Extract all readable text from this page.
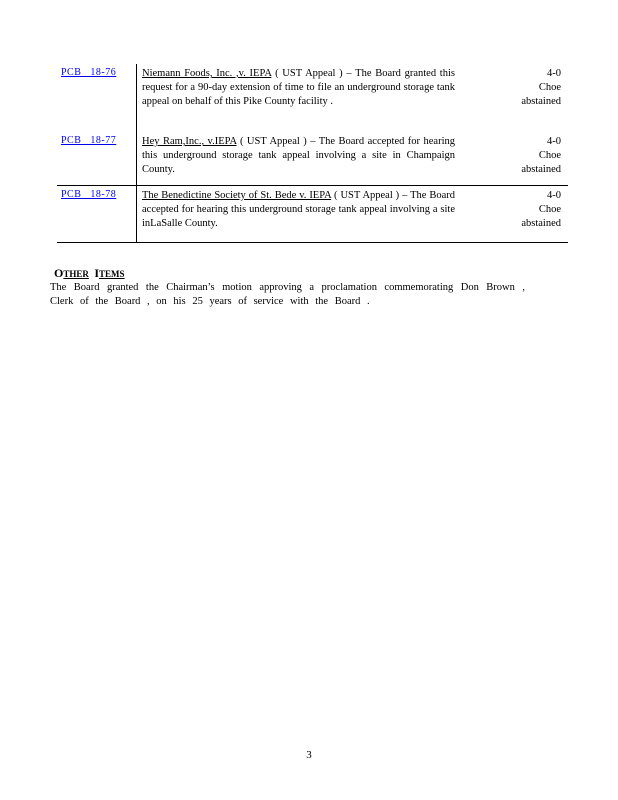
PCB 18-76	Niemann Foods, Inc. ,v. IEPA ( UST Appeal ) – The Board granted this request for a 90-day extension of time to file an underground storage tank appeal on behalf of this Pike County facility .
4-0
Choe
abstained
PCB 18-77	Hey Ram,Inc., v.IEPA ( UST Appeal ) – The Board accepted for hearing this underground storage tank appeal involving a site in Champaign County.
4-0
Choe
abstained
PCB 18-78	The Benedictine Society of St. Bede v. IEPA ( UST Appeal ) – The Board accepted for hearing this underground storage tank appeal involving a site inLaSalle County.
4-0
Choe
abstained
OTHER ITEMS
The Board granted the Chairman’s motion approving a proclamation commemorating Don Brown , Clerk of the Board , on his 25 years of service with the Board .
3
